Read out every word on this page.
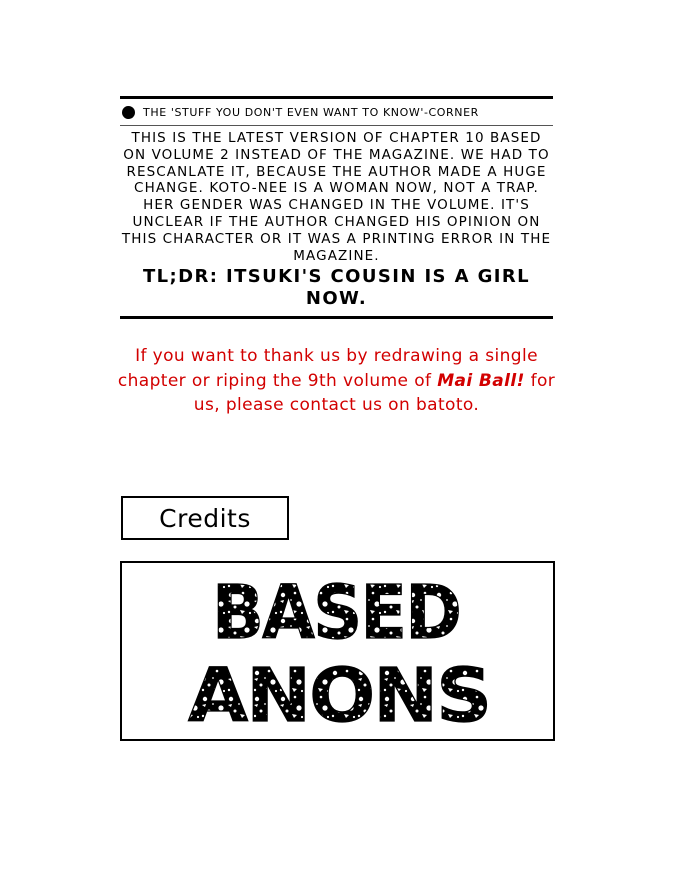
THE 'STUFF YOU DON'T EVEN WANT TO KNOW'-CORNER

THIS IS THE LATEST VERSION OF CHAPTER 10 BASED ON VOLUME 2 INSTEAD OF THE MAGAZINE. WE HAD TO RESCANLATE IT, BECAUSE THE AUTHOR MADE A HUGE CHANGE. KOTO-NEE IS A WOMAN NOW, NOT A TRAP. HER GENDER WAS CHANGED IN THE VOLUME. IT'S UNCLEAR IF THE AUTHOR CHANGED HIS OPINION ON THIS CHARACTER OR IT WAS A PRINTING ERROR IN THE MAGAZINE.

TL;DR: ITSUKI'S COUSIN IS A GIRL NOW.

If you want to thank us by redrawing a single chapter or riping the 9th volume of Mai Ball! for us, please contact us on batoto.

Credits
BASED
ANONS
